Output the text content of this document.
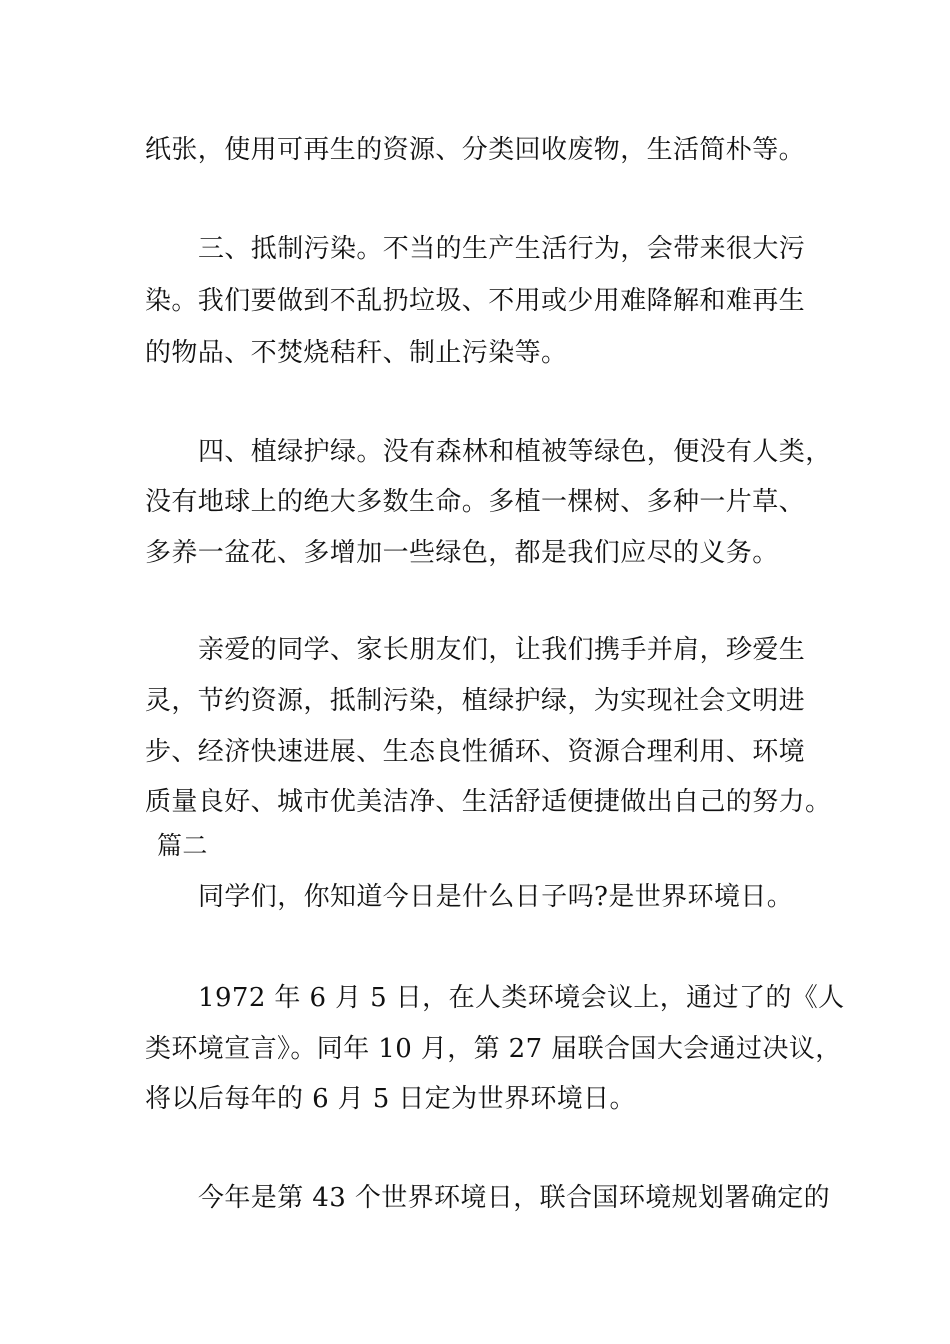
纸张，使用可再生的资源、分类回收废物，生活简朴等。
三、抵制污染。不当的生产生活行为，会带来很大污
染。我们要做到不乱扔垃圾、不用或少用难降解和难再生
的物品、不焚烧秸秆、制止污染等。
四、植绿护绿。没有森林和植被等绿色，便没有人类，
没有地球上的绝大多数生命。多植一棵树、多种一片草、
多养一盆花、多增加一些绿色，都是我们应尽的义务。
亲爱的同学、家长朋友们，让我们携手并肩，珍爱生
灵，节约资源，抵制污染，植绿护绿，为实现社会文明进
步、经济快速进展、生态良性循环、资源合理利用、环境
质量良好、城市优美洁净、生活舒适便捷做出自己的努力。
篇二
同学们，你知道今日是什么日子吗?是世界环境日。
1972 年 6 月 5 日，在人类环境会议上，通过了的《人
类环境宣言》。同年 10 月，第 27 届联合国大会通过决议，
将以后每年的 6 月 5 日定为世界环境日。
今年是第 43 个世界环境日，联合国环境规划署确定的
